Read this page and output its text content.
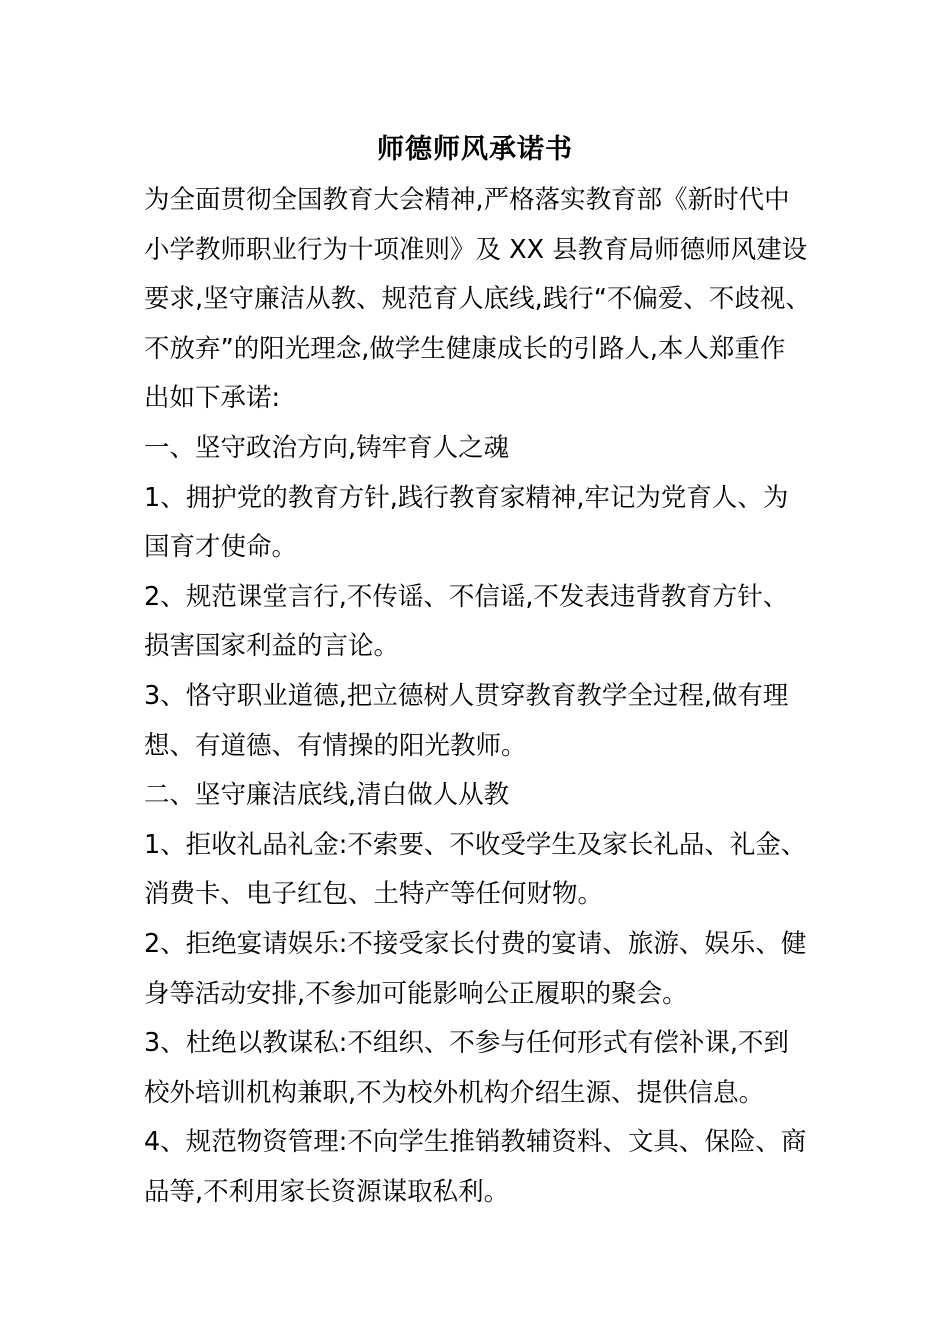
师德师风承诺书
为全面贯彻全国教育大会精神,严格落实教育部《新时代中
小学教师职业行为十项准则》及 XX 县教育局师德师风建设
要求,坚守廉洁从教、规范育人底线,践行“不偏爱、不歧视、
不放弃”的阳光理念,做学生健康成长的引路人,本人郑重作
出如下承诺:
一、坚守政治方向,铸牢育人之魂
1、拥护党的教育方针,践行教育家精神,牢记为党育人、为
国育才使命。
2、规范课堂言行,不传谣、不信谣,不发表违背教育方针、
损害国家利益的言论。
3、恪守职业道德,把立德树人贯穿教育教学全过程,做有理
想、有道德、有情操的阳光教师。
二、坚守廉洁底线,清白做人从教
1、拒收礼品礼金:不索要、不收受学生及家长礼品、礼金、
消费卡、电子红包、土特产等任何财物。
2、拒绝宴请娱乐:不接受家长付费的宴请、旅游、娱乐、健
身等活动安排,不参加可能影响公正履职的聚会。
3、杜绝以教谋私:不组织、不参与任何形式有偿补课,不到
校外培训机构兼职,不为校外机构介绍生源、提供信息。
4、规范物资管理:不向学生推销教辅资料、文具、保险、商
品等,不利用家长资源谋取私利。
